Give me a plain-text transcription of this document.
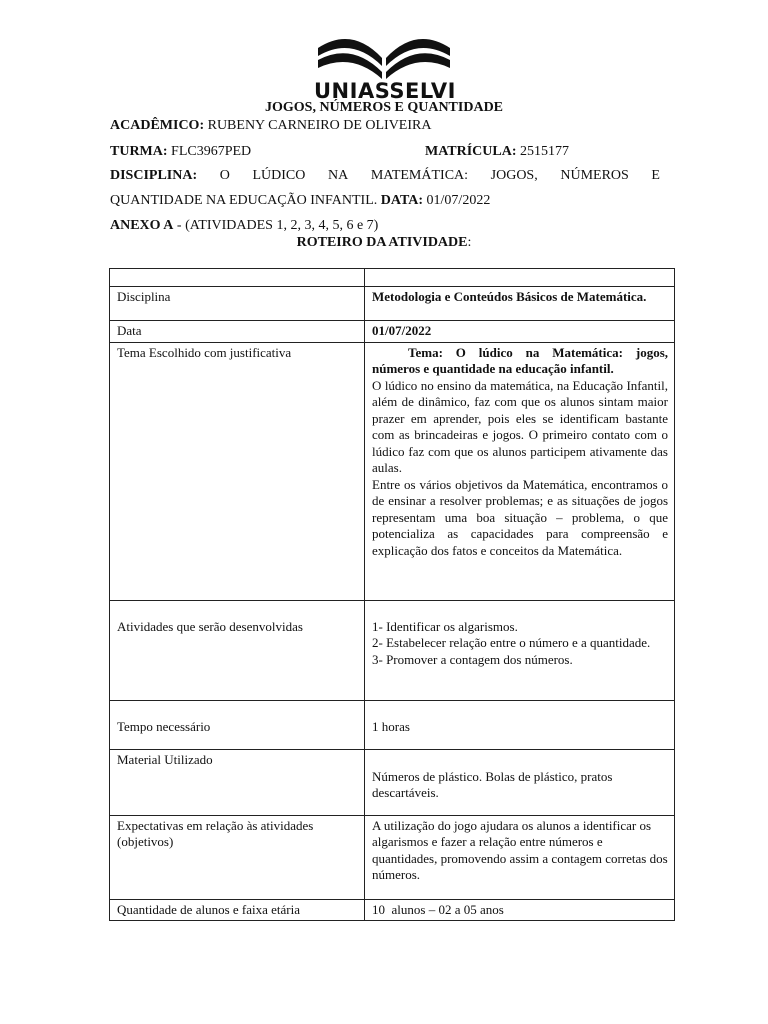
UNIASSELVI
JOGOS, NÚMEROS E QUANTIDADE
ACADÊMICO: RUBENY CARNEIRO DE OLIVEIRA
TURMA: FLC3967PED	MATRÍCULA: 2515177
DISCIPLINA: O LÚDICO NA MATEMÁTICA: JOGOS, NÚMEROS E
QUANTIDADE NA EDUCAÇÃO INFANTIL. DATA: 01/07/2022
ANEXO A - (ATIVIDADES 1, 2, 3, 4, 5, 6 e 7)
ROTEIRO DA ATIVIDADE:

Disciplina	Metodologia e Conteúdos Básicos de Matemática.
Data	01/07/2022
Tema Escolhido com justificativa	Tema: O lúdico na Matemática: jogos, números e quantidade na educação infantil.

O lúdico no ensino da matemática, na Educação Infantil, além de dinâmico, faz com que os alunos sintam maior prazer em aprender, pois eles se identificam bastante com as brincadeiras e jogos. O primeiro contato com o lúdico faz com que os alunos participem ativamente das aulas.

Entre os vários objetivos da Matemática, encontramos o de ensinar a resolver problemas; e as situações de jogos representam uma boa situação – problema, o que potencializa as capacidades para compreensão e explicação dos fatos e conceitos da Matemática.

Atividades que serão desenvolvidas	1- Identificar os algarismos.

2- Estabelecer relação entre o número e a quantidade.

3- Promover a contagem dos números.

Tempo necessário	1 horas
Material Utilizado	Números de plástico. Bolas de plástico, pratos descartáveis.
Expectativas em relação às atividades (objetivos)	A utilização do jogo ajudara os alunos a identificar os algarismos e fazer a relação entre números e quantidades, promovendo assim a contagem corretas dos números.
Quantidade de alunos e faixa etária	10  alunos – 02 a 05 anos
